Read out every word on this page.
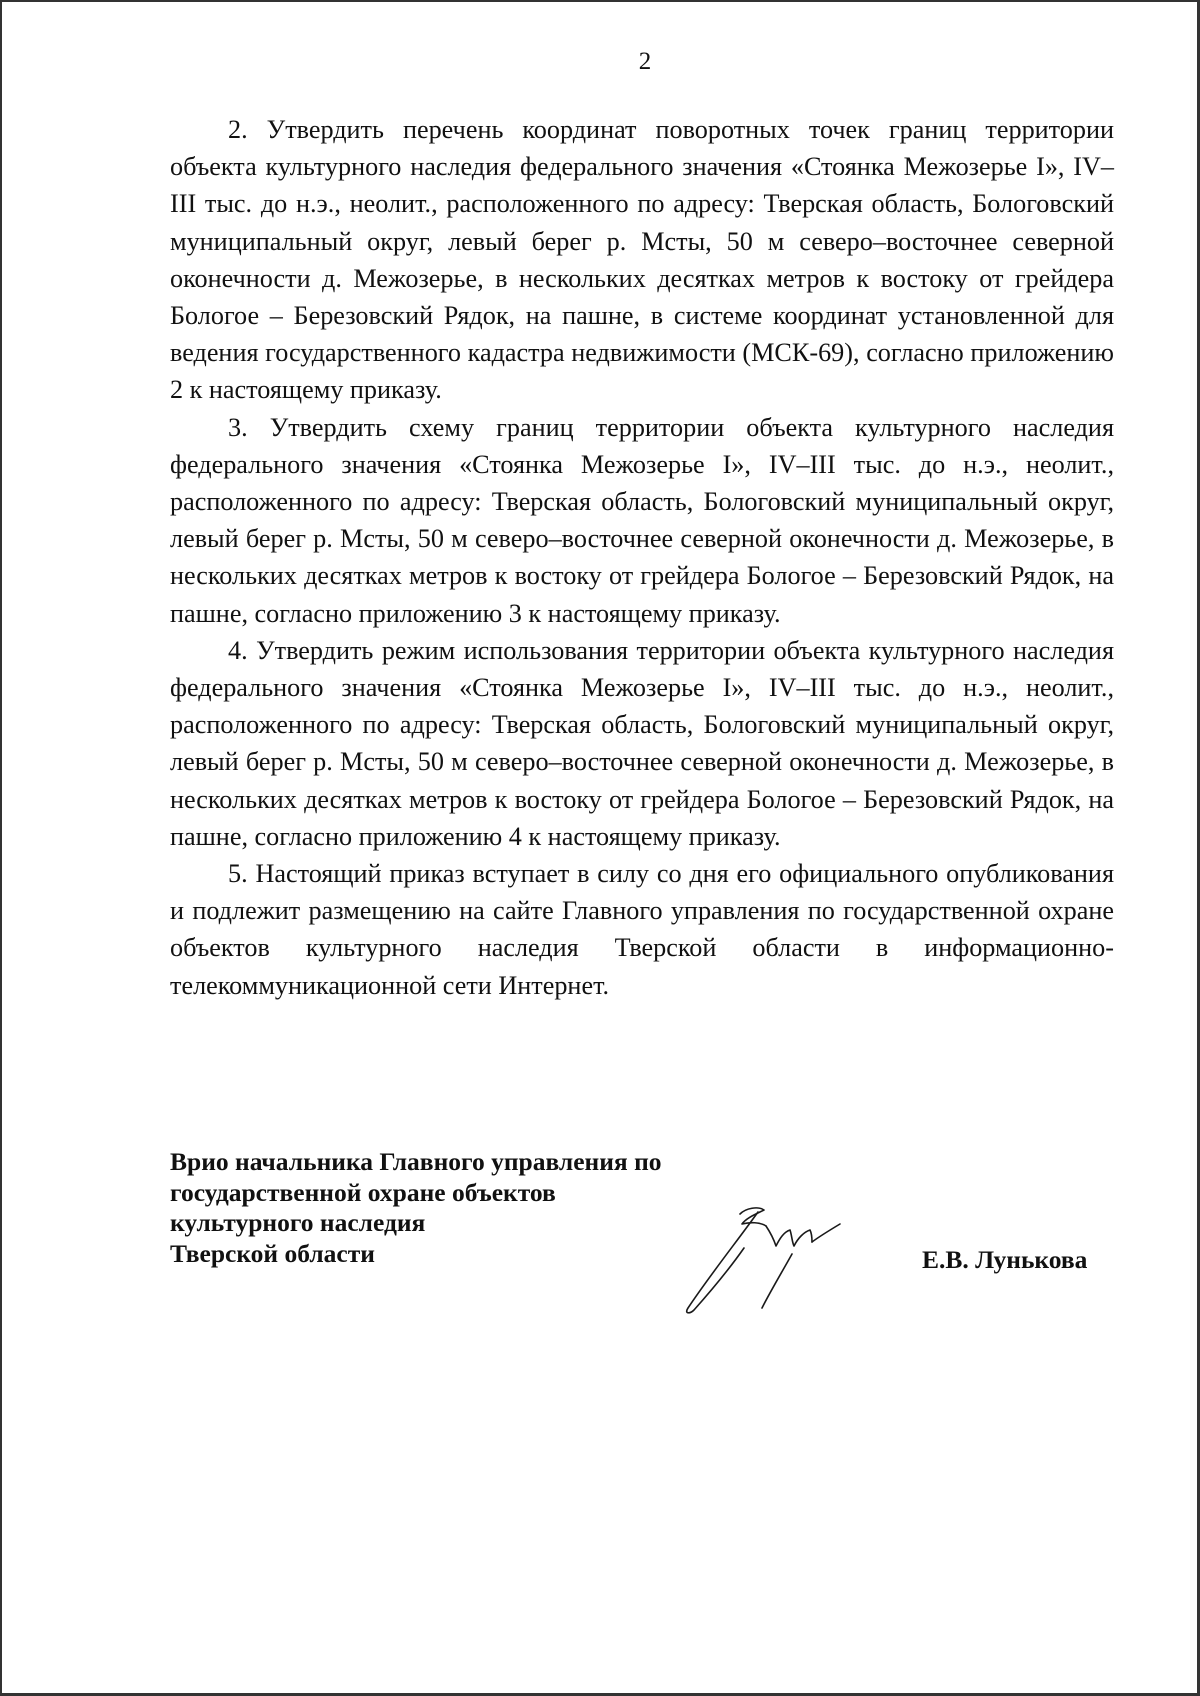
2

2. Утвердить перечень координат поворотных точек границ территории объекта культурного наследия федерального значения «Стоянка Межозерье I», IV–III тыс. до н.э., неолит., расположенного по адресу: Тверская область, Бологовский муниципальный округ, левый берег р. Мсты, 50 м северо–восточнее северной оконечности д. Межозерье, в нескольких десятках метров к востоку от грейдера Бологое – Березовский Рядок, на пашне, в системе координат установленной для ведения государственного кадастра недвижимости (МСК-69), согласно приложению 2 к настоящему приказу.

3. Утвердить схему границ территории объекта культурного наследия федерального значения «Стоянка Межозерье I», IV–III тыс. до н.э., неолит., расположенного по адресу: Тверская область, Бологовский муниципальный округ, левый берег р. Мсты, 50 м северо–восточнее северной оконечности д. Межозерье, в нескольких десятках метров к востоку от грейдера Бологое – Березовский Рядок, на пашне, согласно приложению 3 к настоящему приказу.

4. Утвердить режим использования территории объекта культурного наследия федерального значения «Стоянка Межозерье I», IV–III тыс. до н.э., неолит., расположенного по адресу: Тверская область, Бологовский муниципальный округ, левый берег р. Мсты, 50 м северо–восточнее северной оконечности д. Межозерье, в нескольких десятках метров к востоку от грейдера Бологое – Березовский Рядок, на пашне, согласно приложению 4 к настоящему приказу.

5. Настоящий приказ вступает в силу со дня его официального опубликования и подлежит размещению на сайте Главного управления по государственной охране объектов культурного наследия Тверской области в информационно-телекоммуникационной сети Интернет.

Врио начальника Главного управления по
государственной охране объектов
культурного наследия
Тверской области	Е.В. Лунькова
